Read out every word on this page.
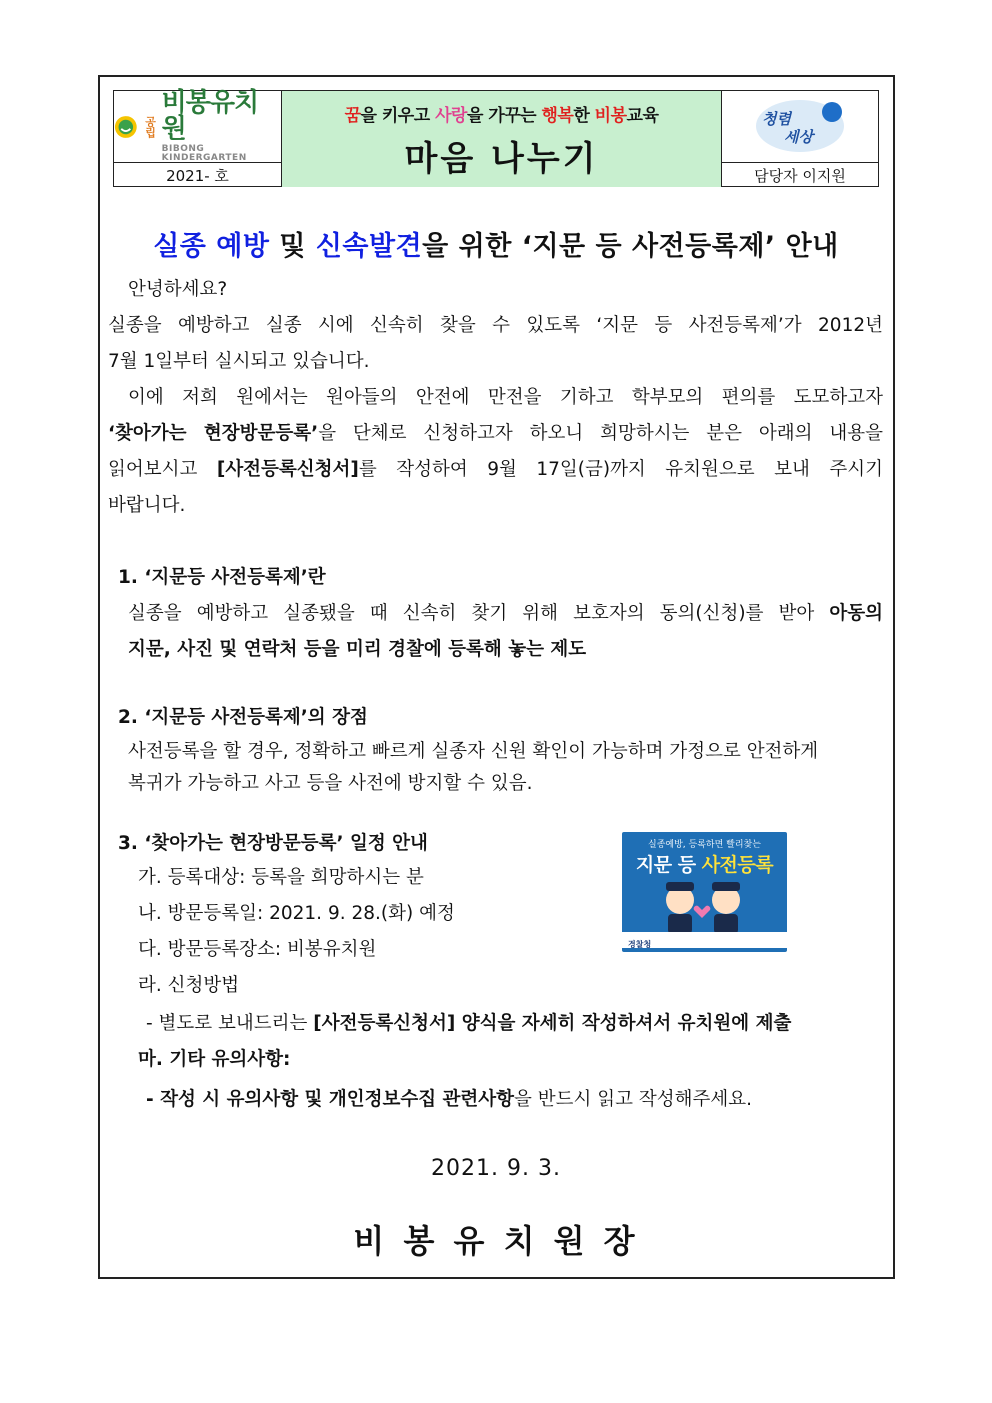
공립
비봉유치원
BIBONG KINDERGARTEN
2021- 호
꿈을 키우고 사랑을 가꾸는 행복한 비봉교육
마음 나누기
청렴
세상
담당자 이지원
실종 예방 및 신속발견을 위한 ‘지문 등 사전등록제’ 안내
안녕하세요?
실종을 예방하고 실종 시에 신속히 찾을 수 있도록 ‘지문 등 사전등록제’가 2012년
7월 1일부터 실시되고 있습니다.
이에 저희 원에서는 원아들의 안전에 만전을 기하고 학부모의 편의를 도모하고자
‘찾아가는 현장방문등록’을 단체로 신청하고자 하오니 희망하시는 분은 아래의 내용을
읽어보시고 [사전등록신청서]를 작성하여 9월 17일(금)까지 유치원으로 보내 주시기
바랍니다.
1. ‘지문등 사전등록제’란
실종을 예방하고 실종됐을 때 신속히 찾기 위해 보호자의 동의(신청)를 받아 아동의
지문, 사진 및 연락처 등을 미리 경찰에 등록해 놓는 제도
2. ‘지문등 사전등록제’의 장점
사전등록을 할 경우, 정확하고 빠르게 실종자 신원 확인이 가능하며 가정으로 안전하게
복귀가 가능하고 사고 등을 사전에 방지할 수 있음.
3. ‘찾아가는 현장방문등록’ 일정 안내
가. 등록대상: 등록을 희망하시는 분
나. 방문등록일: 2021. 9. 28.(화) 예정
다. 방문등록장소: 비봉유치원
라. 신청방법
- 별도로 보내드리는 [사전등록신청서] 양식을 자세히 작성하셔서 유치원에 제출
마. 기타 유의사항:
- 작성 시 유의사항 및 개인정보수집 관련사항을 반드시 읽고 작성해주세요.
실종예방, 등록하면 빨리찾는
지문 등 사전등록
경찰청
2021. 9. 3.
비 봉 유 치 원 장
